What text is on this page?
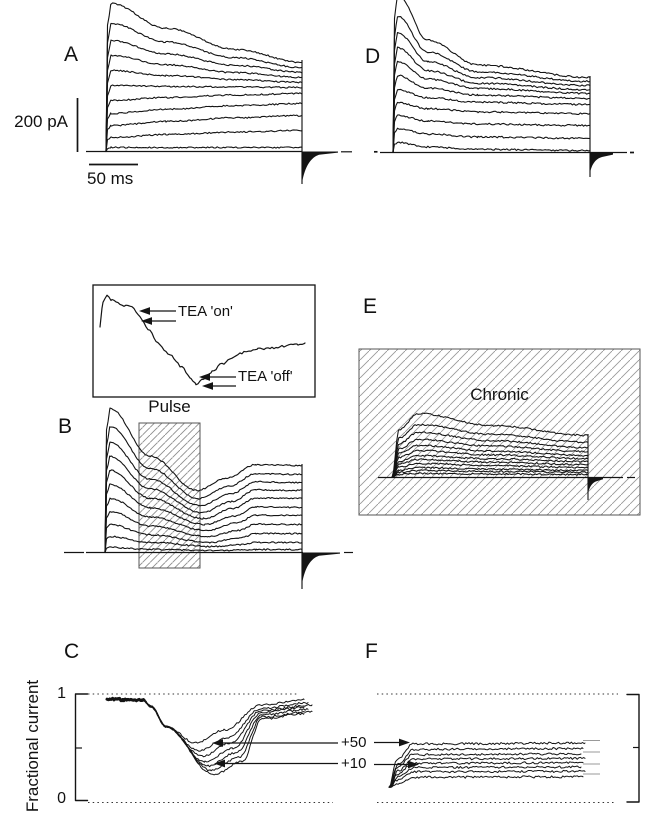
A	D
B
E
C	F
200 pA
50 ms
TEA 'on'
TEA 'off'
Pulse
Chronic
+50
+10
1
0
Fractional current
